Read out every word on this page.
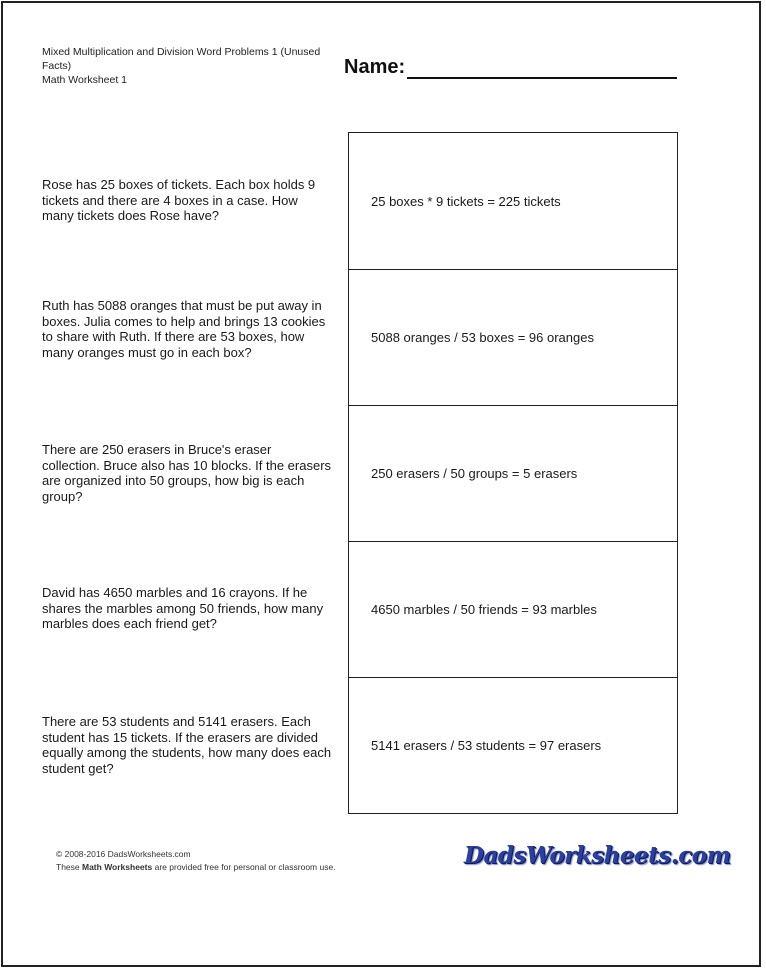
Mixed Multiplication and Division Word Problems 1 (Unused
Facts)
Math Worksheet 1
Name:
Rose has 25 boxes of tickets. Each box holds 9 tickets and there are 4 boxes in a case. How many tickets does Rose have?
Ruth has 5088 oranges that must be put away in boxes. Julia comes to help and brings 13 cookies to share with Ruth. If there are 53 boxes, how many oranges must go in each box?
There are 250 erasers in Bruce's eraser collection. Bruce also has 10 blocks. If the erasers are organized into 50 groups, how big is each group?
David has 4650 marbles and 16 crayons. If he shares the marbles among 50 friends, how many marbles does each friend get?
There are 53 students and 5141 erasers. Each student has 15 tickets. If the erasers are divided equally among the students, how many does each student get?
25 boxes * 9 tickets = 225 tickets
5088 oranges / 53 boxes = 96 oranges
250 erasers / 50 groups = 5 erasers
4650 marbles / 50 friends = 93 marbles
5141 erasers / 53 students = 97 erasers
© 2008-2016 DadsWorksheets.com
These Math Worksheets are provided free for personal or classroom use.	DadsWorksheets.com
